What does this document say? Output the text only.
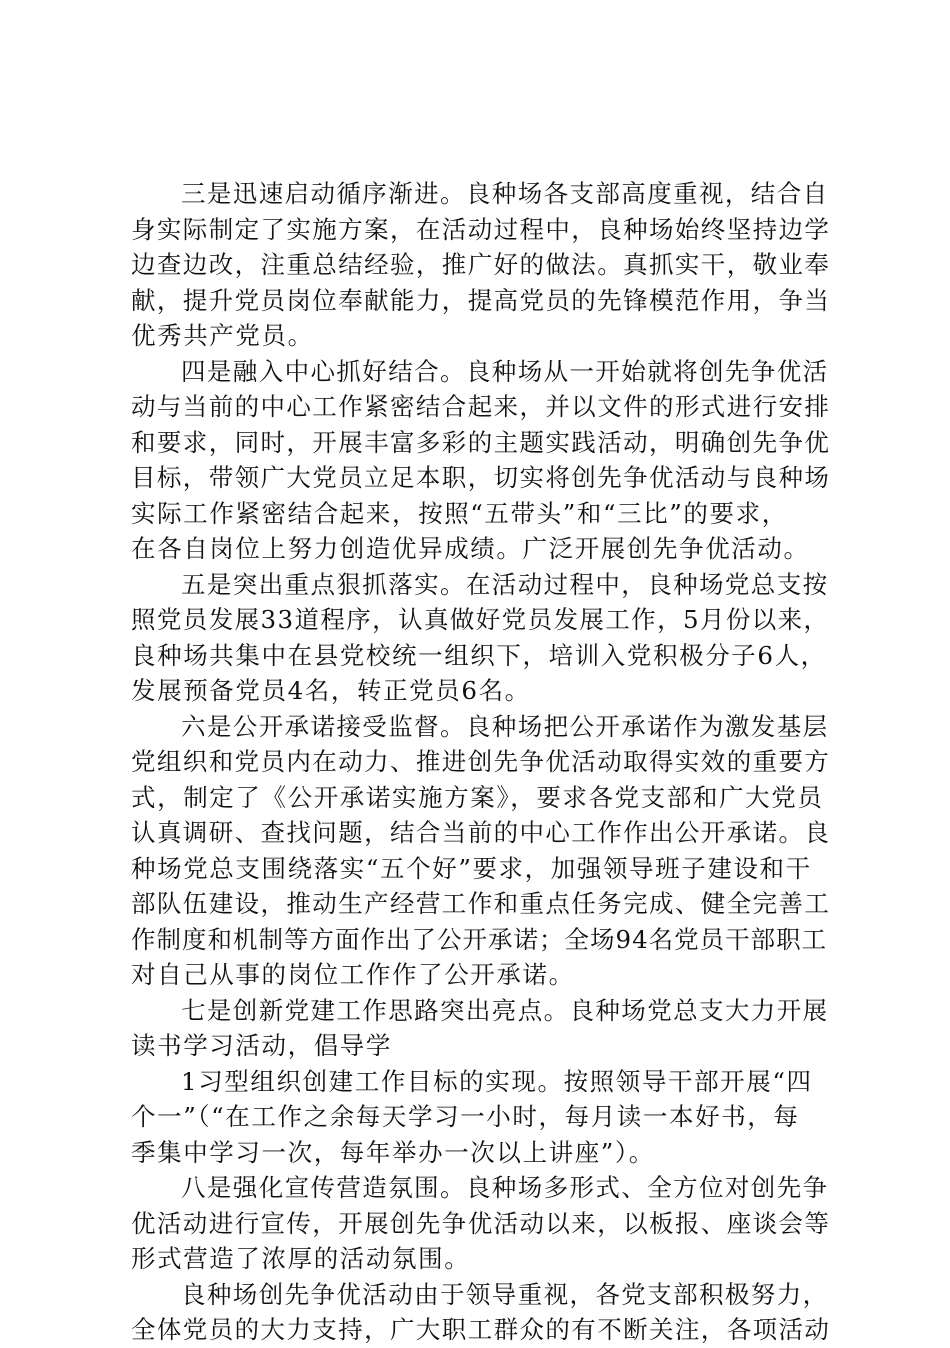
三是迅速启动循序渐进。良种场各支部高度重视，结合自
身实际制定了实施方案，在活动过程中，良种场始终坚持边学
边查边改，注重总结经验，推广好的做法。真抓实干，敬业奉
献，提升党员岗位奉献能力，提高党员的先锋模范作用，争当
优秀共产党员。
四是融入中心抓好结合。良种场从一开始就将创先争优活
动与当前的中心工作紧密结合起来，并以文件的形式进行安排
和要求，同时，开展丰富多彩的主题实践活动，明确创先争优
目标，带领广大党员立足本职，切实将创先争优活动与良种场
实际工作紧密结合起来，按照“五带头”和“三比”的要求，
在各自岗位上努力创造优异成绩。广泛开展创先争优活动。
五是突出重点狠抓落实。在活动过程中，良种场党总支按
照党员发展33道程序，认真做好党员发展工作，5月份以来，
良种场共集中在县党校统一组织下，培训入党积极分子6人，
发展预备党员4名，转正党员6名。
六是公开承诺接受监督。良种场把公开承诺作为激发基层
党组织和党员内在动力、推进创先争优活动取得实效的重要方
式，制定了《公开承诺实施方案》，要求各党支部和广大党员
认真调研、查找问题，结合当前的中心工作作出公开承诺。良
种场党总支围绕落实“五个好”要求，加强领导班子建设和干
部队伍建设，推动生产经营工作和重点任务完成、健全完善工
作制度和机制等方面作出了公开承诺；全场94名党员干部职工
对自己从事的岗位工作作了公开承诺。
七是创新党建工作思路突出亮点。良种场党总支大力开展
读书学习活动，倡导学
1习型组织创建工作目标的实现。按照领导干部开展“四
个一”（“在工作之余每天学习一小时，每月读一本好书，每
季集中学习一次，每年举办一次以上讲座”）。
八是强化宣传营造氛围。良种场多形式、全方位对创先争
优活动进行宣传，开展创先争优活动以来，以板报、座谈会等
形式营造了浓厚的活动氛围。
良种场创先争优活动由于领导重视，各党支部积极努力，
全体党员的大力支持，广大职工群众的有不断关注，各项活动
